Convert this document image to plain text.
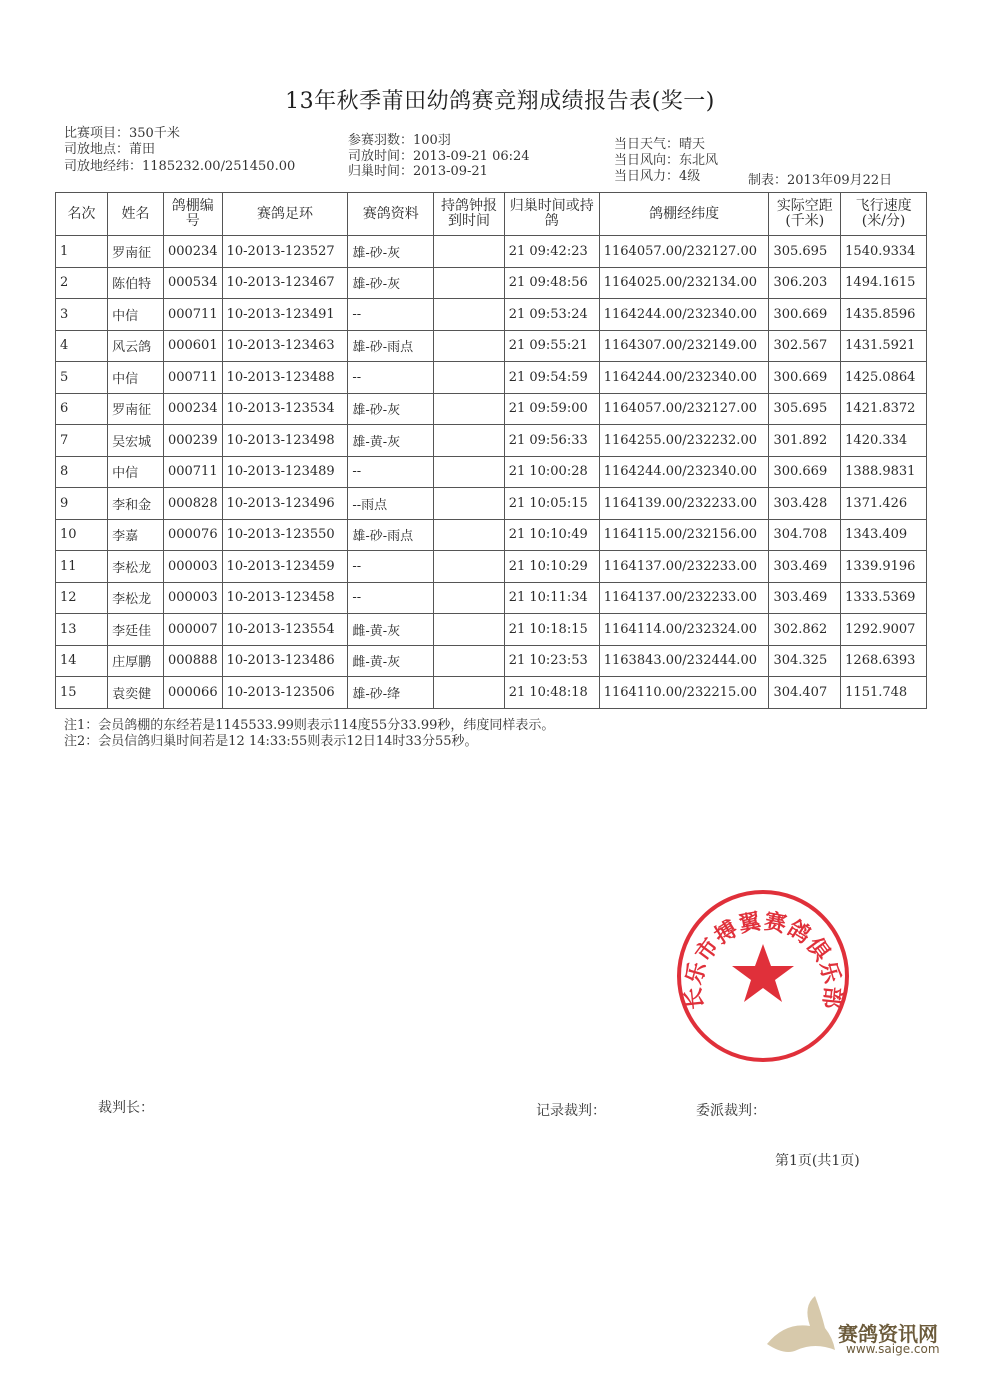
13年秋季莆田幼鸽赛竞翔成绩报告表(奖一)
比赛项目：350千米
司放地点：莆田
司放地经纬：1185232.00/251450.00
参赛羽数：100羽
司放时间：2013-09-21 06:24
归巢时间：2013-09-21
当日天气：晴天
当日风向：东北风
当日风力：4级	制表：2013年09月22日
名次	姓名	鸽棚编号	赛鸽足环	赛鸽资料	持鸽钟报到时间	归巢时间或持鸽	鸽棚经纬度	实际空距(千米)	飞行速度(米/分)
1	罗南征	000234	10-2013-123527	雄-砂-灰		21 09:42:23	1164057.00/232127.00	305.695	1540.9334
2	陈伯特	000534	10-2013-123467	雄-砂-灰		21 09:48:56	1164025.00/232134.00	306.203	1494.1615
3	中信	000711	10-2013-123491	--		21 09:53:24	1164244.00/232340.00	300.669	1435.8596
4	风云鸽	000601	10-2013-123463	雄-砂-雨点		21 09:55:21	1164307.00/232149.00	302.567	1431.5921
5	中信	000711	10-2013-123488	--		21 09:54:59	1164244.00/232340.00	300.669	1425.0864
6	罗南征	000234	10-2013-123534	雄-砂-灰		21 09:59:00	1164057.00/232127.00	305.695	1421.8372
7	吴宏城	000239	10-2013-123498	雄-黄-灰		21 09:56:33	1164255.00/232232.00	301.892	1420.334
8	中信	000711	10-2013-123489	--		21 10:00:28	1164244.00/232340.00	300.669	1388.9831
9	李和金	000828	10-2013-123496	--雨点		21 10:05:15	1164139.00/232233.00	303.428	1371.426
10	李嘉	000076	10-2013-123550	雄-砂-雨点		21 10:10:49	1164115.00/232156.00	304.708	1343.409
11	李松龙	000003	10-2013-123459	--		21 10:10:29	1164137.00/232233.00	303.469	1339.9196
12	李松龙	000003	10-2013-123458	--		21 10:11:34	1164137.00/232233.00	303.469	1333.5369
13	李廷佳	000007	10-2013-123554	雌-黄-灰		21 10:18:15	1164114.00/232324.00	302.862	1292.9007
14	庄厚鹏	000888	10-2013-123486	雌-黄-灰		21 10:23:53	1163843.00/232444.00	304.325	1268.6393
15	袁奕健	000066	10-2013-123506	雄-砂-绛		21 10:48:18	1164110.00/232215.00	304.407	1151.748
注1：会员鸽棚的东经若是1145533.99则表示114度55分33.99秒，纬度同样表示。
注2：会员信鸽归巢时间若是12 14:33:55则表示12日14时33分55秒。
长乐市搏翼赛鸽俱乐部
裁判长：	记录裁判：	委派裁判：
第1页(共1页)
赛鸽资讯网
www.saige.com
